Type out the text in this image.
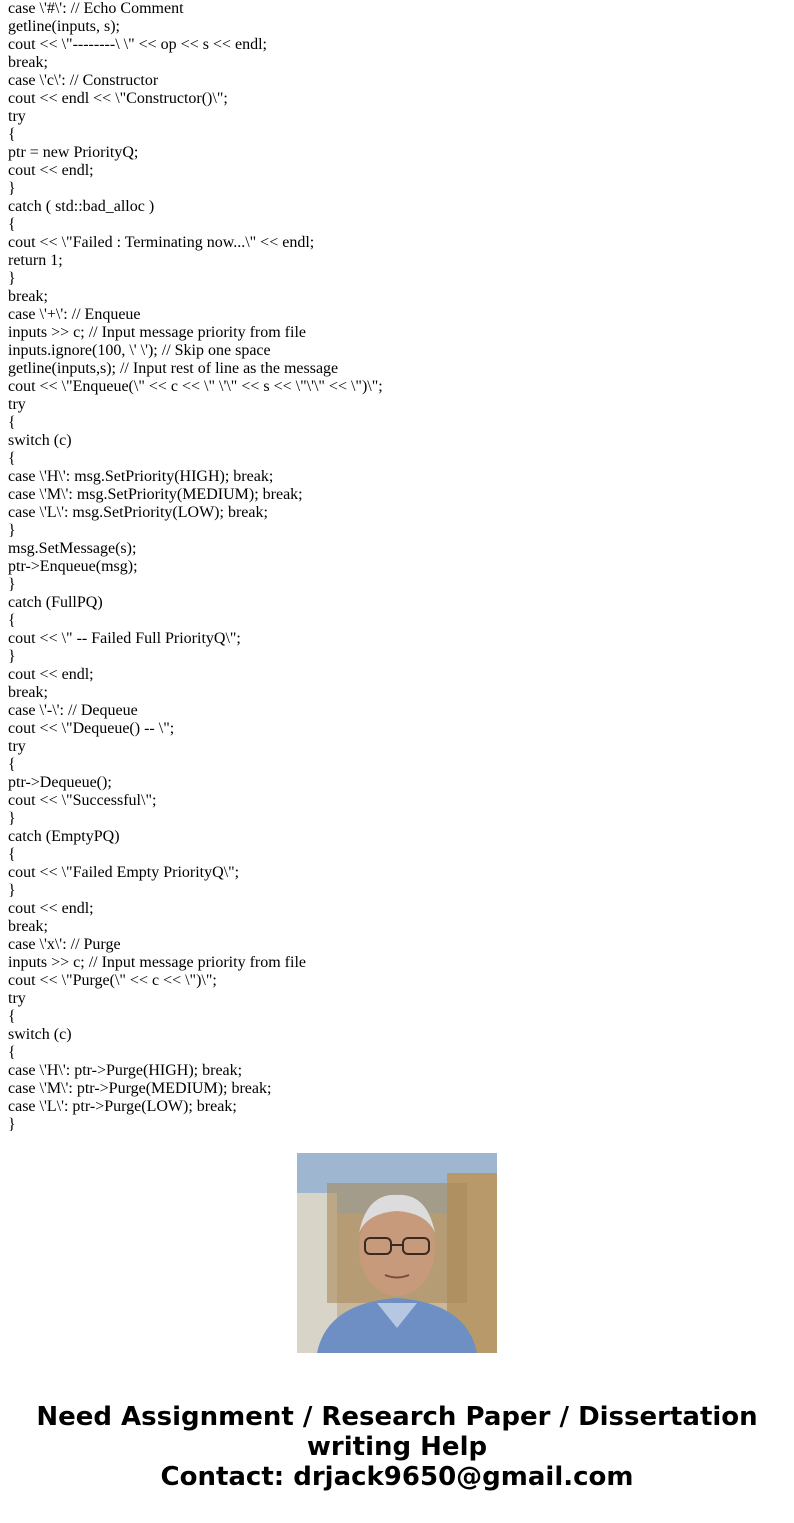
case \'#\': // Echo Comment
getline(inputs, s);
cout << \"--------\ \" << op << s << endl;
break;
case \'c\': // Constructor
cout << endl << \"Constructor()\";
try
{
ptr = new PriorityQ;
cout << endl;
}
catch ( std::bad_alloc )
{
cout << \"Failed : Terminating now...\" << endl;
return 1;
}
break;
case \'+\': // Enqueue
inputs >> c; // Input message priority from file
inputs.ignore(100, \' \'); // Skip one space
getline(inputs,s); // Input rest of line as the message
cout << \"Enqueue(\" << c << \" \'\" << s << \"\'\" << \")\";
try
{
switch (c)
{
case \'H\': msg.SetPriority(HIGH); break;
case \'M\': msg.SetPriority(MEDIUM); break;
case \'L\': msg.SetPriority(LOW); break;
}
msg.SetMessage(s);
ptr->Enqueue(msg);
}
catch (FullPQ)
{
cout << \" -- Failed Full PriorityQ\";
}
cout << endl;
break;
case \'-\': // Dequeue
cout << \"Dequeue() -- \";
try
{
ptr->Dequeue();
cout << \"Successful\";
}
catch (EmptyPQ)
{
cout << \"Failed Empty PriorityQ\";
}
cout << endl;
break;
case \'x\': // Purge
inputs >> c; // Input message priority from file
cout << \"Purge(\" << c << \")\";
try
{
switch (c)
{
case \'H\': ptr->Purge(HIGH); break;
case \'M\': ptr->Purge(MEDIUM); break;
case \'L\': ptr->Purge(LOW); break;
}
Need Assignment / Research Paper / Dissertation
writing Help
Contact: drjack9650@gmail.com
